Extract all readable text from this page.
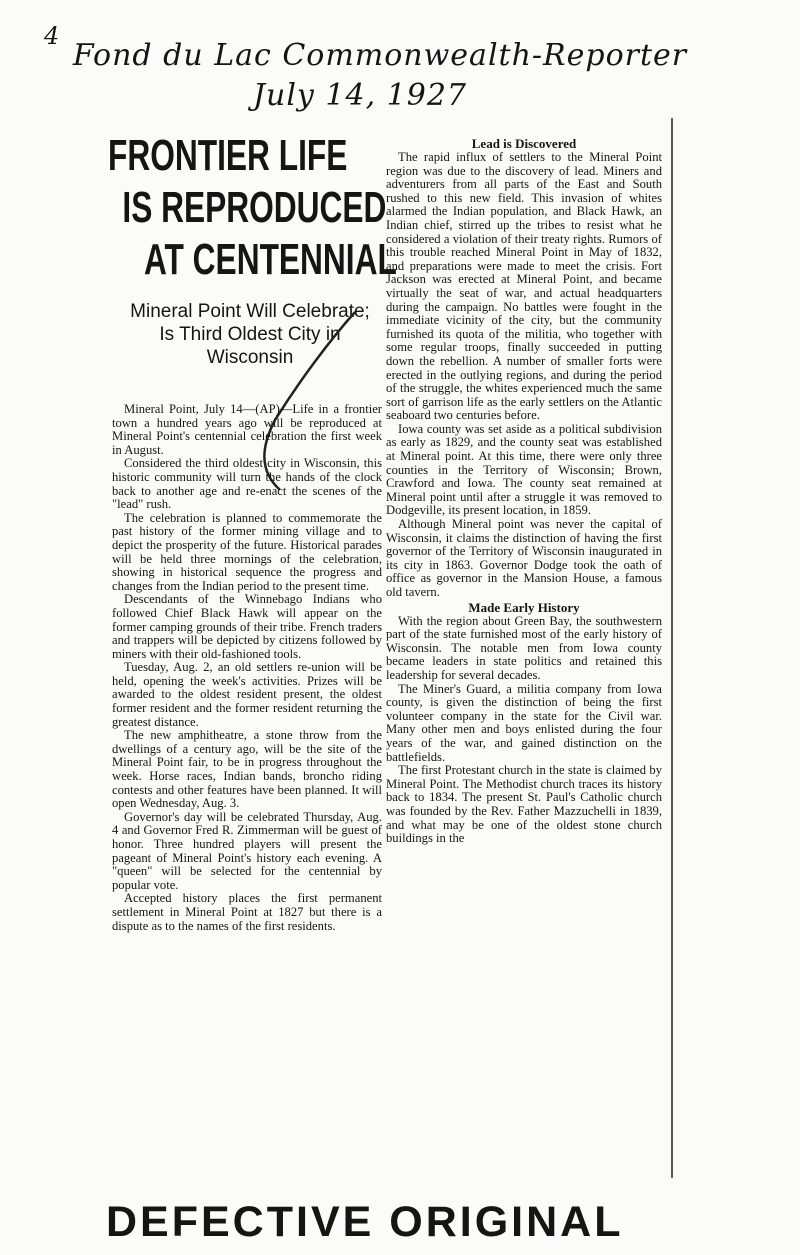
4
Fond du Lac Commonwealth-Reporter
July 14, 1927
FRONTIER LIFE
IS REPRODUCED
AT CENTENNIAL
Mineral Point Will Celebrate;
Is Third Oldest City in
Wisconsin

Mineral Point, July 14—(AP)—Life in a frontier town a hundred years ago will be reproduced at Mineral Point's centennial celebration the first week in August.

Considered the third oldest city in Wisconsin, this historic community will turn the hands of the clock back to another age and re-enact the scenes of the "lead" rush.

The celebration is planned to commemorate the past history of the former mining village and to depict the prosperity of the future. Historical parades will be held three mornings of the celebration, showing in historical sequence the progress and changes from the Indian period to the present time.

Descendants of the Winnebago Indians who followed Chief Black Hawk will appear on the former camping grounds of their tribe. French traders and trappers will be depicted by citizens followed by miners with their old-fashioned tools.

Tuesday, Aug. 2, an old settlers re-union will be held, opening the week's activities. Prizes will be awarded to the oldest resident present, the oldest former resident and the former resident returning the greatest distance.

The new amphitheatre, a stone throw from the dwellings of a century ago, will be the site of the Mineral Point fair, to be in progress throughout the week. Horse races, Indian bands, broncho riding contests and other features have been planned. It will open Wednesday, Aug. 3.

Governor's day will be celebrated Thursday, Aug. 4 and Governor Fred R. Zimmerman will be guest of honor. Three hundred players will present the pageant of Mineral Point's history each evening. A "queen" will be selected for the centennial by popular vote.

Accepted history places the first permanent settlement in Mineral Point at 1827 but there is a dispute as to the names of the first residents.

Lead is Discovered

The rapid influx of settlers to the Mineral Point region was due to the discovery of lead. Miners and adventurers from all parts of the East and South rushed to this new field. This invasion of whites alarmed the Indian population, and Black Hawk, an Indian chief, stirred up the tribes to resist what he considered a violation of their treaty rights. Rumors of this trouble reached Mineral Point in May of 1832, and preparations were made to meet the crisis. Fort Jackson was erected at Mineral Point, and became virtually the seat of war, and actual headquarters during the campaign. No battles were fought in the immediate vicinity of the city, but the community furnished its quota of the militia, who together with some regular troops, finally succeeded in putting down the rebellion. A number of smaller forts were erected in the outlying regions, and during the period of the struggle, the whites experienced much the same sort of garrison life as the early settlers on the Atlantic seaboard two centuries before.

Iowa county was set aside as a political subdivision as early as 1829, and the county seat was established at Mineral point. At this time, there were only three counties in the Territory of Wisconsin; Brown, Crawford and Iowa. The county seat remained at Mineral point until after a struggle it was removed to Dodgeville, its present location, in 1859.

Although Mineral point was never the capital of Wisconsin, it claims the distinction of having the first governor of the Territory of Wisconsin inaugurated in its city in 1863. Governor Dodge took the oath of office as governor in the Mansion House, a famous old tavern.

Made Early History

With the region about Green Bay, the southwestern part of the state furnished most of the early history of Wisconsin. The notable men from Iowa county became leaders in state politics and retained this leadership for several decades.

The Miner's Guard, a militia company from Iowa county, is given the distinction of being the first volunteer company in the state for the Civil war. Many other men and boys enlisted during the four years of the war, and gained distinction on the battlefields.

The first Protestant church in the state is claimed by Mineral Point. The Methodist church traces its history back to 1834. The present St. Paul's Catholic church was founded by the Rev. Father Mazzuchelli in 1839, and what may be one of the oldest stone church buildings in the

DEFECTIVE ORIGINAL
